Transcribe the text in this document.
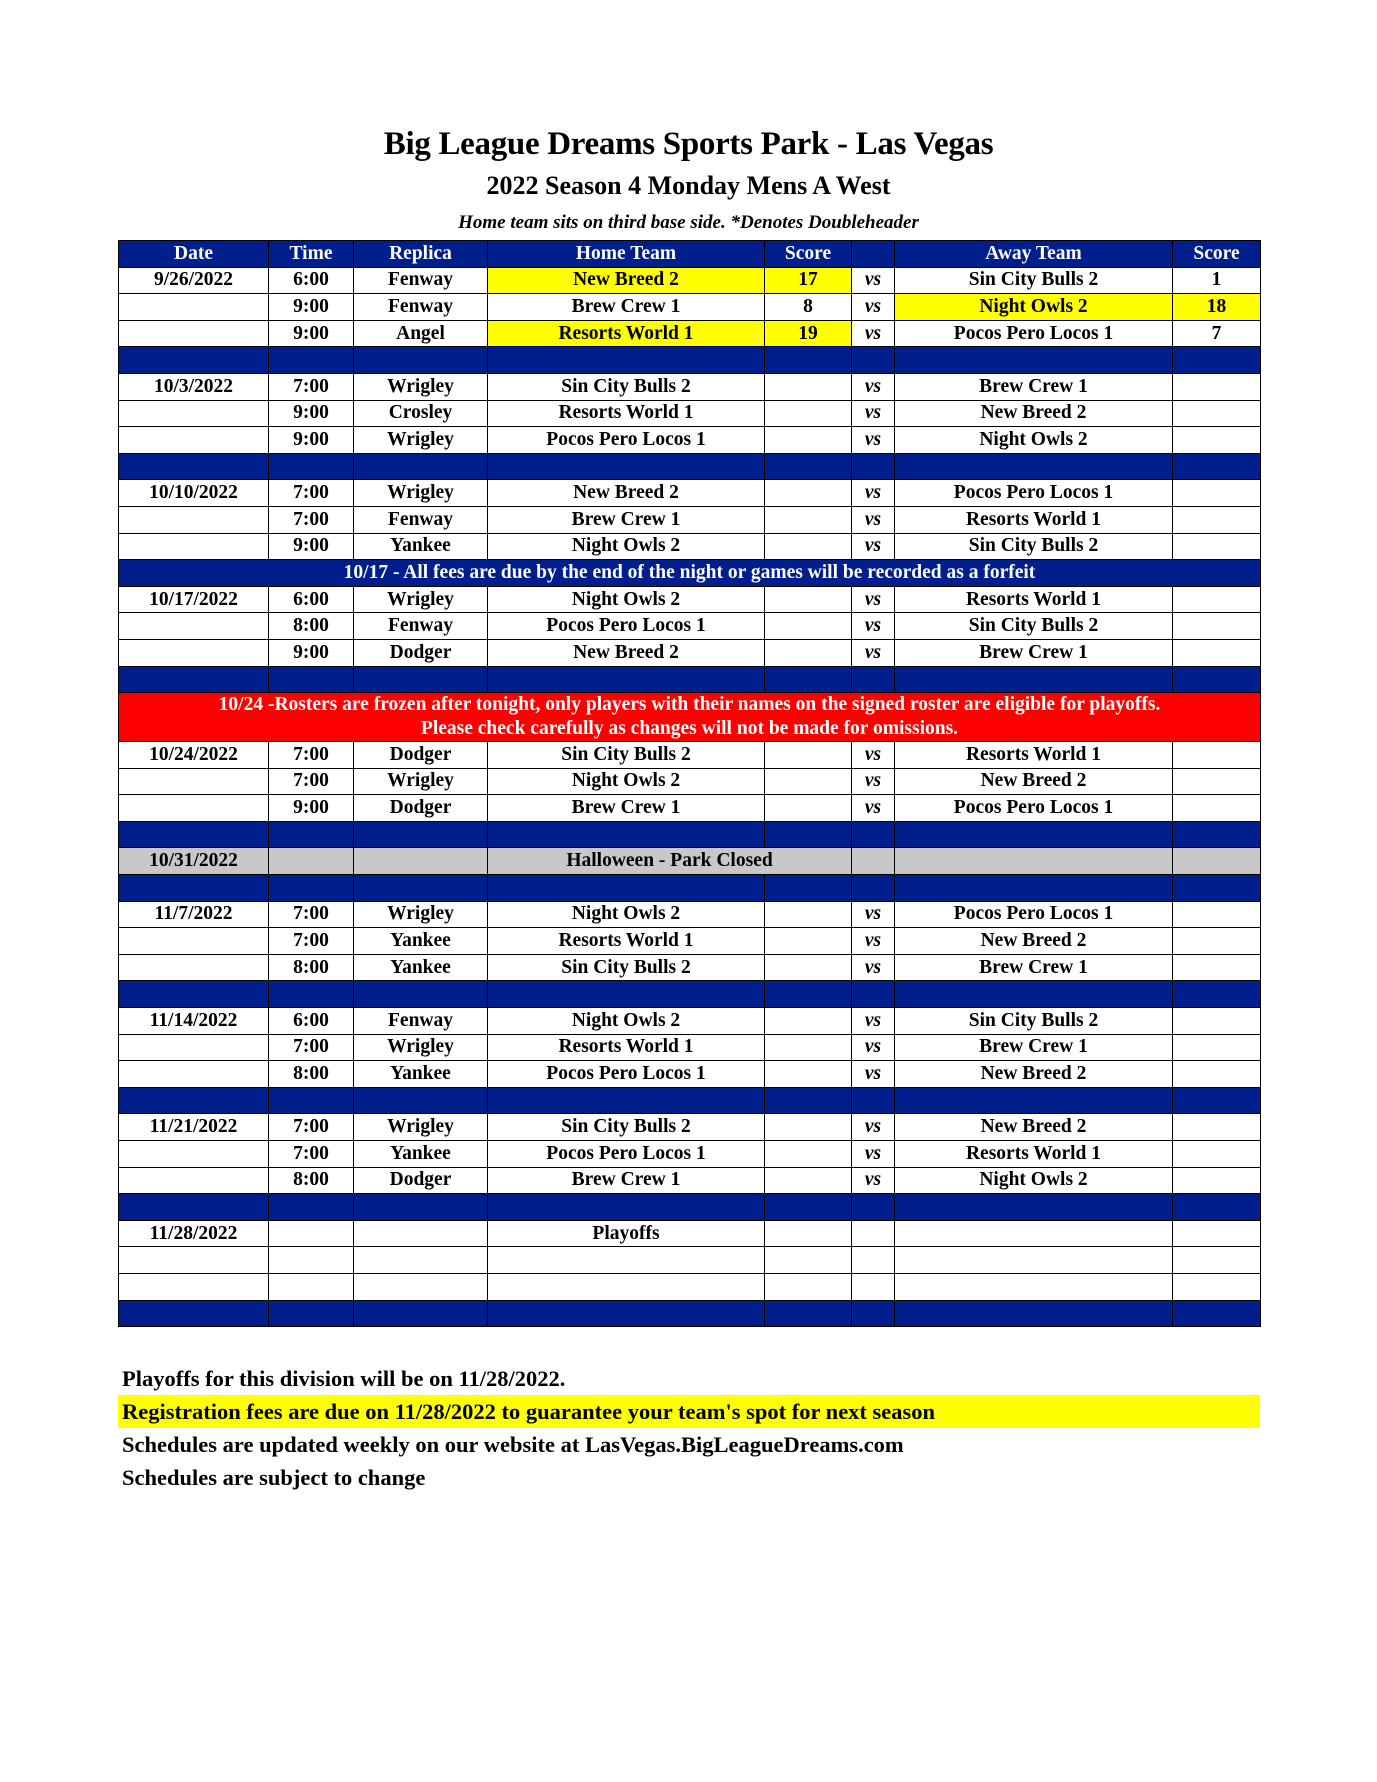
Big League Dreams Sports Park - Las Vegas
2022 Season 4 Monday Mens A West
Home team sits on third base side. *Denotes Doubleheader
Date	Time	Replica	Home Team	Score		Away Team	Score
9/26/2022	6:00	Fenway	New Breed 2	17	vs	Sin City Bulls 2	1
	9:00	Fenway	Brew Crew 1	8	vs	Night Owls 2	18
	9:00	Angel	Resorts World 1	19	vs	Pocos Pero Locos 1	7

10/3/2022	7:00	Wrigley	Sin City Bulls 2		vs	Brew Crew 1	
	9:00	Crosley	Resorts World 1		vs	New Breed 2	
	9:00	Wrigley	Pocos Pero Locos 1		vs	Night Owls 2	

10/10/2022	7:00	Wrigley	New Breed 2		vs	Pocos Pero Locos 1	
	7:00	Fenway	Brew Crew 1		vs	Resorts World 1	
	9:00	Yankee	Night Owls 2		vs	Sin City Bulls 2	
10/17 - All fees are due by the end of the night or games will be recorded as a forfeit							
10/17/2022	6:00	Wrigley	Night Owls 2		vs	Resorts World 1	
	8:00	Fenway	Pocos Pero Locos 1		vs	Sin City Bulls 2	
	9:00	Dodger	New Breed 2		vs	Brew Crew 1	

10/24 -Rosters are frozen after tonight, only players with their names on the signed roster are eligible for playoffs.
Please check carefully as changes will not be made for omissions.							

10/24/2022	7:00	Dodger	Sin City Bulls 2		vs	Resorts World 1	
	7:00	Wrigley	Night Owls 2		vs	New Breed 2	
	9:00	Dodger	Brew Crew 1		vs	Pocos Pero Locos 1	

10/31/2022			Halloween - Park Closed				

11/7/2022	7:00	Wrigley	Night Owls 2		vs	Pocos Pero Locos 1	
	7:00	Yankee	Resorts World 1		vs	New Breed 2	
	8:00	Yankee	Sin City Bulls 2		vs	Brew Crew 1	

11/14/2022	6:00	Fenway	Night Owls 2		vs	Sin City Bulls 2	
	7:00	Wrigley	Resorts World 1		vs	Brew Crew 1	
	8:00	Yankee	Pocos Pero Locos 1		vs	New Breed 2	

11/21/2022	7:00	Wrigley	Sin City Bulls 2		vs	New Breed 2	
	7:00	Yankee	Pocos Pero Locos 1		vs	Resorts World 1	
	8:00	Dodger	Brew Crew 1		vs	Night Owls 2	

11/28/2022			Playoffs				

Playoffs for this division will be on 11/28/2022.
Registration fees are due on 11/28/2022 to guarantee your team's spot for next season
Schedules are updated weekly on our website at LasVegas.BigLeagueDreams.com
Schedules are subject to change
